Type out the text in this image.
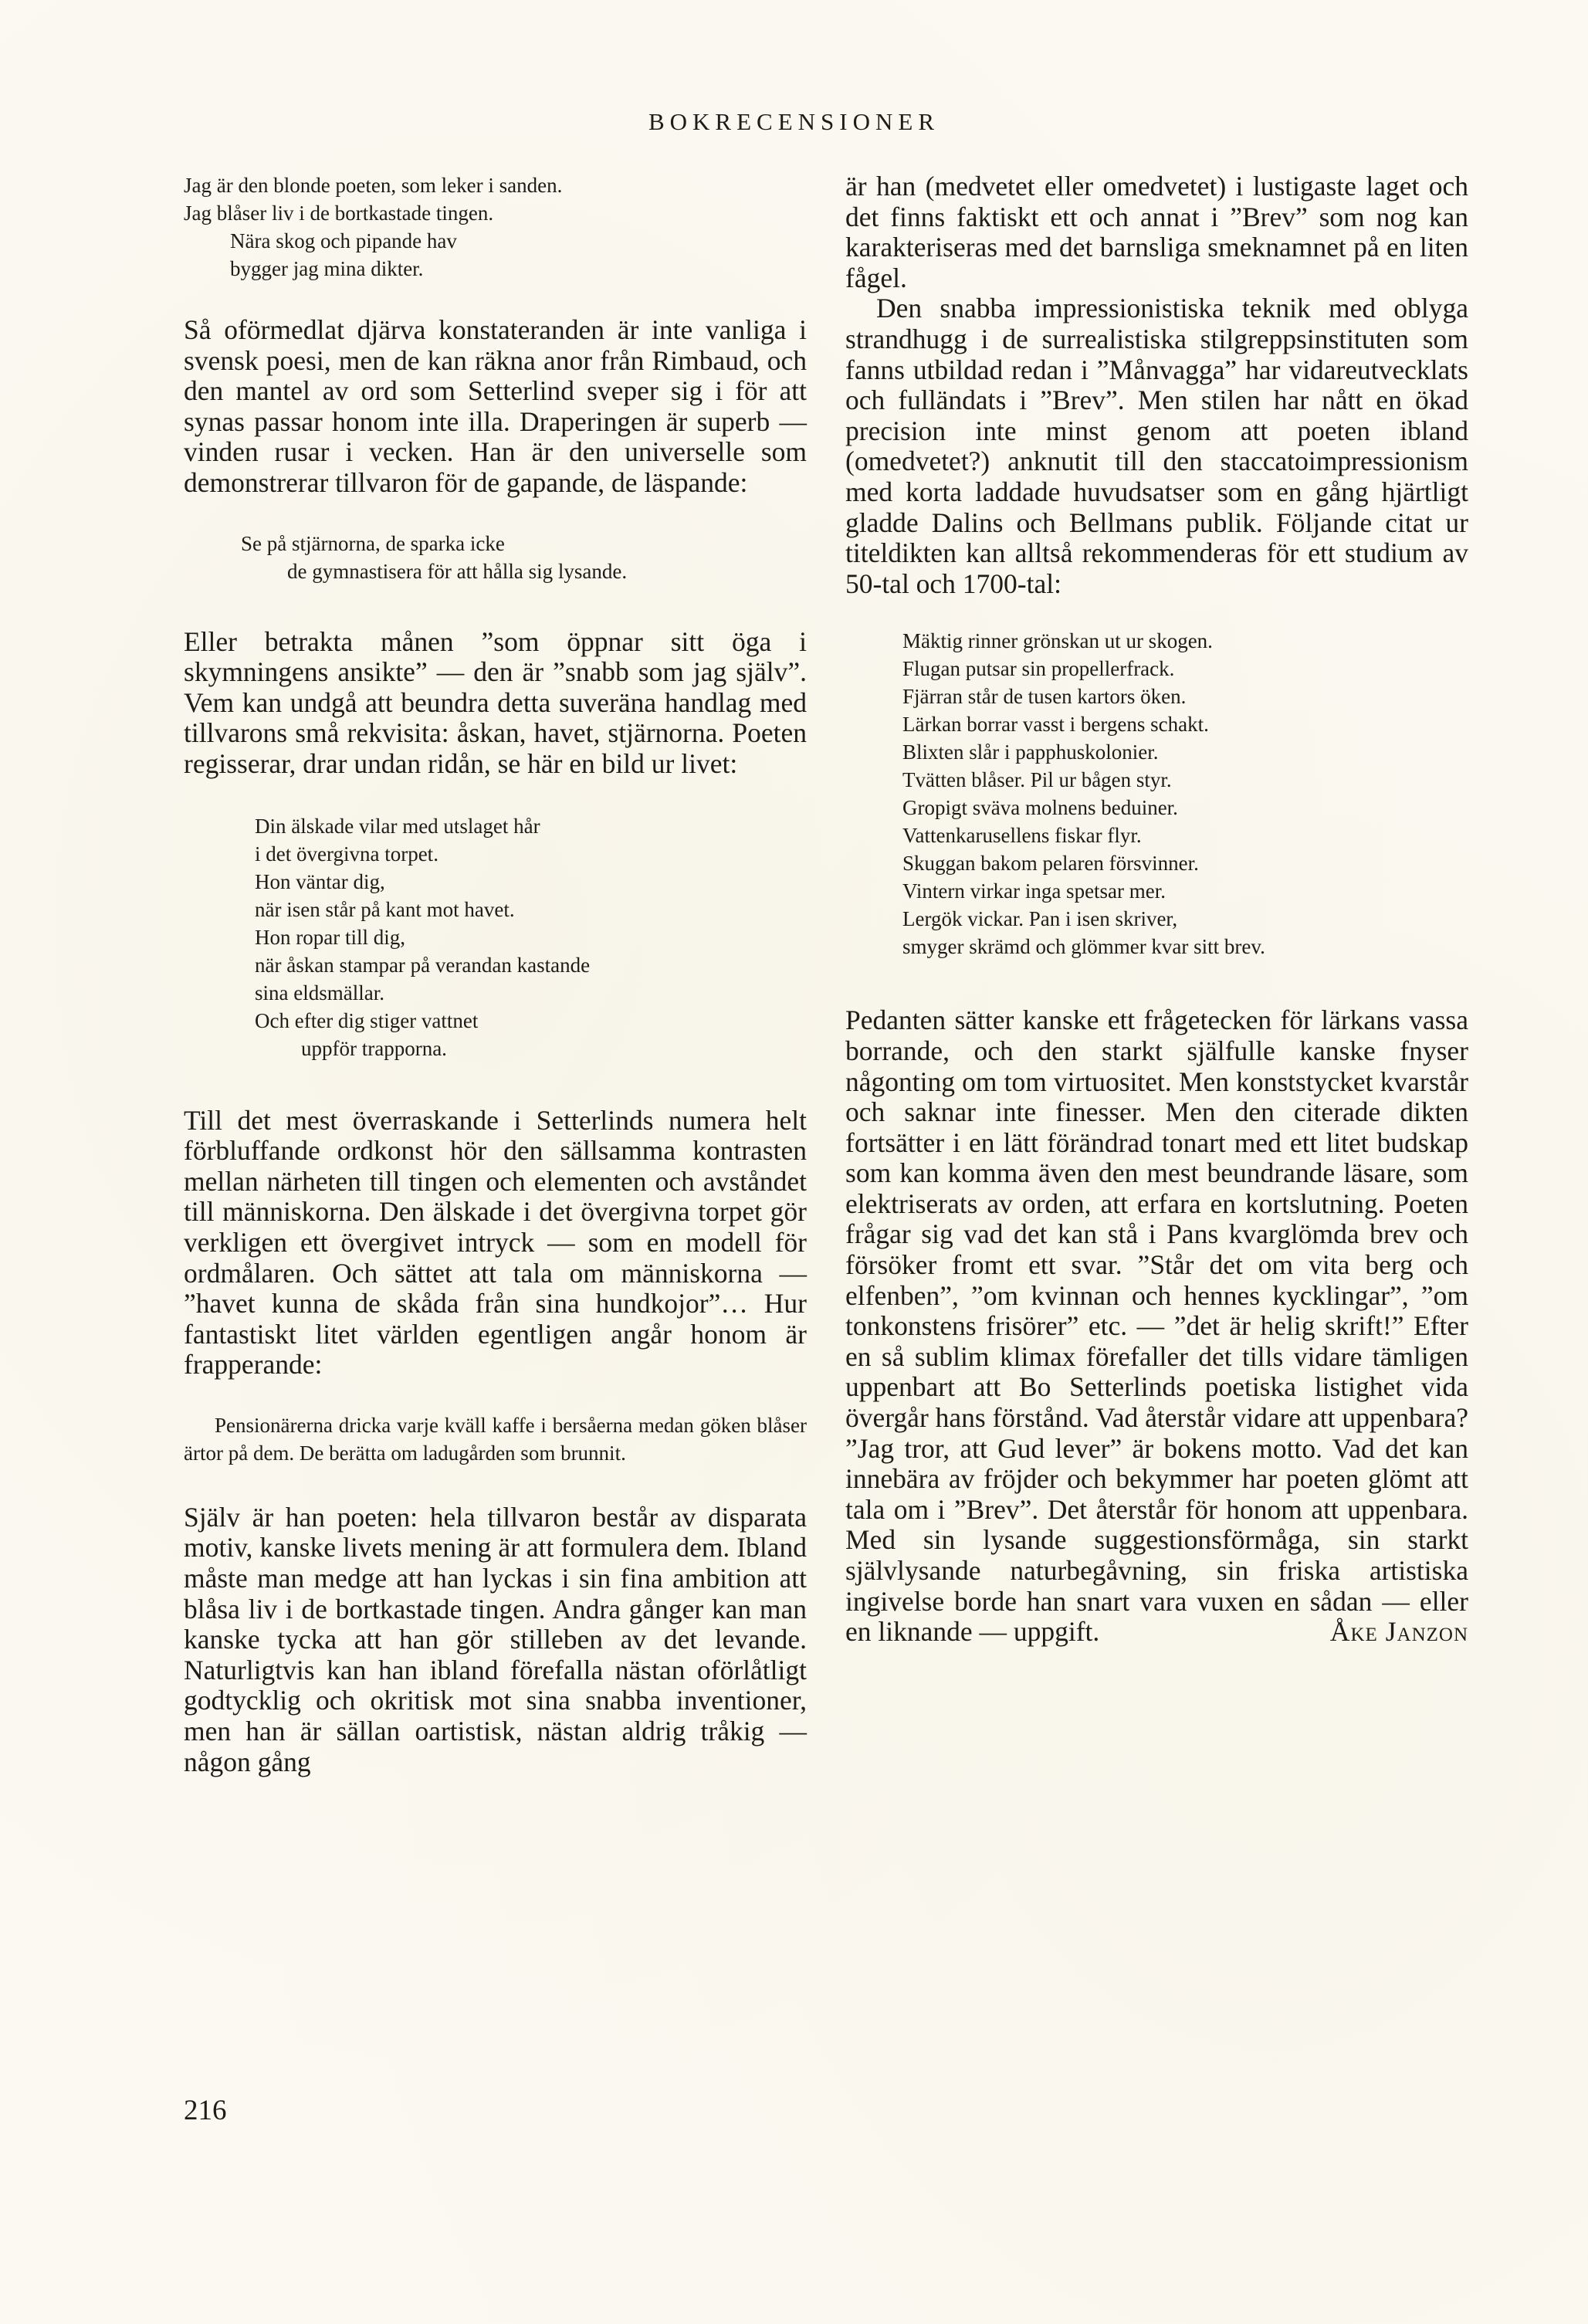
BOKRECENSIONER
Jag är den blonde poeten, som leker i sanden.
Jag blåser liv i de bortkastade tingen.
Nära skog och pipande hav
bygger jag mina dikter.

Så oförmedlat djärva konstateranden är inte vanliga i svensk poesi, men de kan räkna anor från Rimbaud, och den mantel av ord som Setterlind sveper sig i för att synas passar honom inte illa. Draperingen är superb — vinden rusar i vecken. Han är den universelle som demonstrerar tillvaron för de gapande, de läspande:

Se på stjärnorna, de sparka icke
de gymnastisera för att hålla sig lysande.

Eller betrakta månen ”som öppnar sitt öga i skymningens ansikte” — den är ”snabb som jag själv”. Vem kan undgå att beundra detta suveräna handlag med tillvarons små rekvisita: åskan, havet, stjärnorna. Poeten regisserar, drar undan ridån, se här en bild ur livet:

Din älskade vilar med utslaget hår
i det övergivna torpet.
Hon väntar dig,
när isen står på kant mot havet.
Hon ropar till dig,
när åskan stampar på verandan kastande
sina eldsmällar.
Och efter dig stiger vattnet
uppför trapporna.

Till det mest överraskande i Setterlinds numera helt förbluffande ordkonst hör den sällsamma kontrasten mellan närheten till tingen och elementen och avståndet till människorna. Den älskade i det övergivna torpet gör verkligen ett övergivet intryck — som en modell för ordmålaren. Och sättet att tala om människorna — ”havet kunna de skåda från sina hundkojor”… Hur fantastiskt litet världen egentligen angår honom är frapperande:

Pensionärerna dricka varje kväll kaffe i bersåerna medan göken blåser ärtor på dem. De berätta om ladugården som brunnit.

Själv är han poeten: hela tillvaron består av disparata motiv, kanske livets mening är att formulera dem. Ibland måste man medge att han lyckas i sin fina ambition att blåsa liv i de bortkastade tingen. Andra gånger kan man kanske tycka att han gör stilleben av det levande. Naturligtvis kan han ibland förefalla nästan oförlåtligt godtycklig och okritisk mot sina snabba inventioner, men han är sällan oartistisk, nästan aldrig tråkig — någon gång

är han (medvetet eller omedvetet) i lustigaste laget och det finns faktiskt ett och annat i ”Brev” som nog kan karakteriseras med det barnsliga smeknamnet på en liten fågel.

Den snabba impressionistiska teknik med oblyga strandhugg i de surrealistiska stilgreppsinstituten som fanns utbildad redan i ”Månvagga” har vidareutvecklats och fulländats i ”Brev”. Men stilen har nått en ökad precision inte minst genom att poeten ibland (omedvetet?) anknutit till den staccatoimpressionism med korta laddade huvudsatser som en gång hjärtligt gladde Dalins och Bellmans publik. Följande citat ur titeldikten kan alltså rekommenderas för ett studium av 50-tal och 1700-tal:

Mäktig rinner grönskan ut ur skogen.
Flugan putsar sin propellerfrack.
Fjärran står de tusen kartors öken.
Lärkan borrar vasst i bergens schakt.
Blixten slår i papphuskolonier.
Tvätten blåser. Pil ur bågen styr.
Gropigt sväva molnens beduiner.
Vattenkarusellens fiskar flyr.
Skuggan bakom pelaren försvinner.
Vintern virkar inga spetsar mer.
Lergök vickar. Pan i isen skriver,
smyger skrämd och glömmer kvar sitt brev.

Pedanten sätter kanske ett frågetecken för lärkans vassa borrande, och den starkt själfulle kanske fnyser någonting om tom virtuositet. Men konststycket kvarstår och saknar inte finesser. Men den citerade dikten fortsätter i en lätt förändrad tonart med ett litet budskap som kan komma även den mest beundrande läsare, som elektriserats av orden, att erfara en kortslutning. Poeten frågar sig vad det kan stå i Pans kvarglömda brev och försöker fromt ett svar. ”Står det om vita berg och elfenben”, ”om kvinnan och hennes kycklingar”, ”om tonkonstens frisörer” etc. — ”det är helig skrift!” Efter en så sublim klimax förefaller det tills vidare tämligen uppenbart att Bo Setterlinds poetiska listighet vida övergår hans förstånd. Vad återstår vidare att uppenbara? ”Jag tror, att Gud lever” är bokens motto. Vad det kan innebära av fröjder och bekymmer har poeten glömt att tala om i ”Brev”. Det återstår för honom att uppenbara. Med sin lysande suggestionsförmåga, sin starkt självlysande naturbegåvning, sin friska artistiska ingivelse borde han snart vara vuxen en sådan — eller en liknande — uppgift.	Åke Janzon

216
